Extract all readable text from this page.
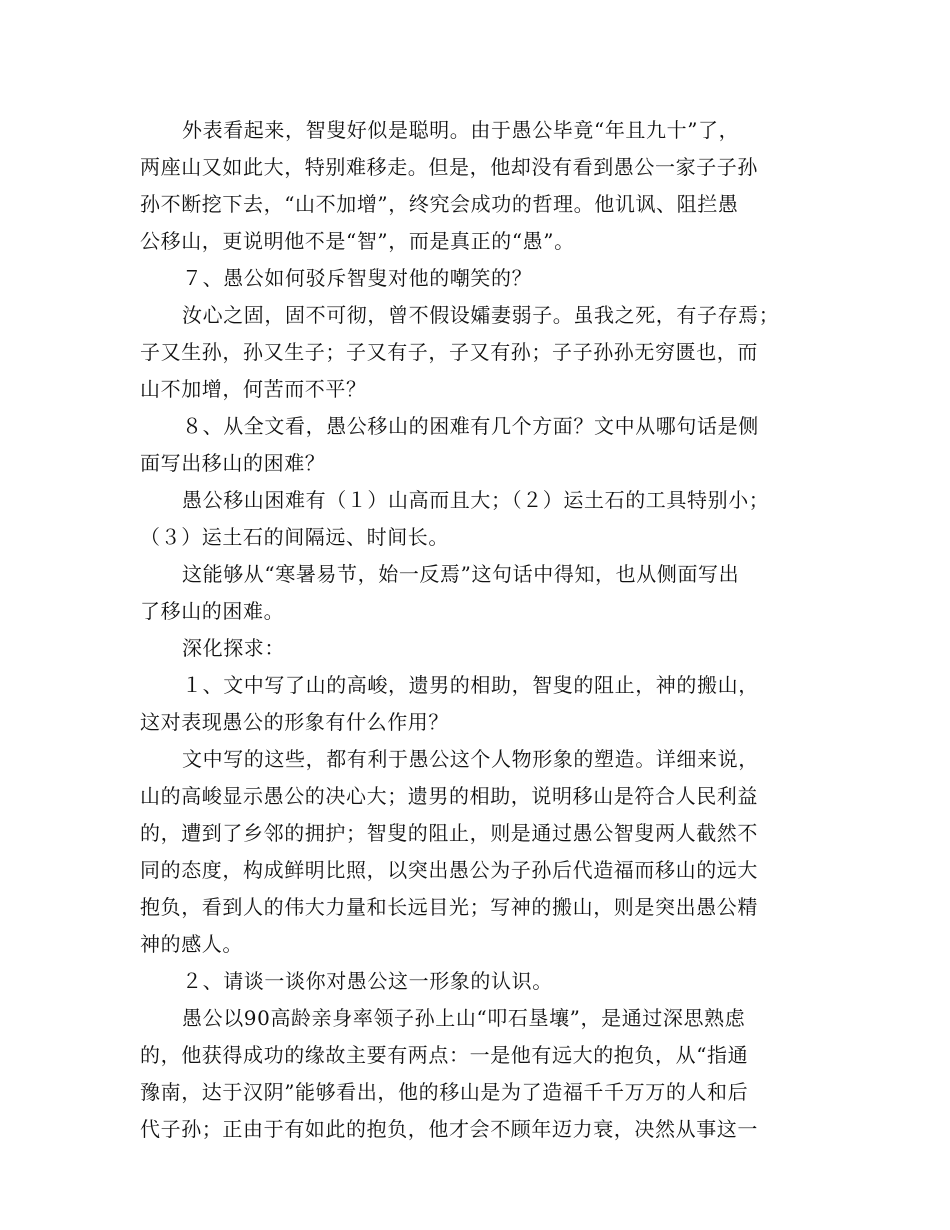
外表看起来，智叟好似是聪明。由于愚公毕竟“年且九十”了，
两座山又如此大，特别难移走。但是，他却没有看到愚公一家子子孙
孙不断挖下去，“山不加增”，终究会成功的哲理。他讥讽、阻拦愚
公移山，更说明他不是“智”，而是真正的“愚”。
７、愚公如何驳斥智叟对他的嘲笑的？
汝心之固，固不可彻，曾不假设孀妻弱子。虽我之死，有子存焉；
子又生孙，孙又生子；子又有子，子又有孙；子子孙孙无穷匮也，而
山不加增，何苦而不平？
８、从全文看，愚公移山的困难有几个方面？文中从哪句话是侧
面写出移山的困难？
愚公移山困难有（１）山高而且大；（２）运土石的工具特别小；
（３）运土石的间隔远、时间长。
这能够从“寒暑易节，始一反焉”这句话中得知，也从侧面写出
了移山的困难。
深化探求：
１、文中写了山的高峻，遗男的相助，智叟的阻止，神的搬山，
这对表现愚公的形象有什么作用？
文中写的这些，都有利于愚公这个人物形象的塑造。详细来说，
山的高峻显示愚公的决心大；遗男的相助，说明移山是符合人民利益
的，遭到了乡邻的拥护；智叟的阻止，则是通过愚公智叟两人截然不
同的态度，构成鲜明比照，以突出愚公为子孙后代造福而移山的远大
抱负，看到人的伟大力量和长远目光；写神的搬山，则是突出愚公精
神的感人。
２、请谈一谈你对愚公这一形象的认识。
愚公以90高龄亲身率领子孙上山“叩石垦壤”，是通过深思熟虑
的，他获得成功的缘故主要有两点：一是他有远大的抱负，从“指通
豫南，达于汉阴”能够看出，他的移山是为了造福千千万万的人和后
代子孙；正由于有如此的抱负，他才会不顾年迈力衰，决然从事这一
